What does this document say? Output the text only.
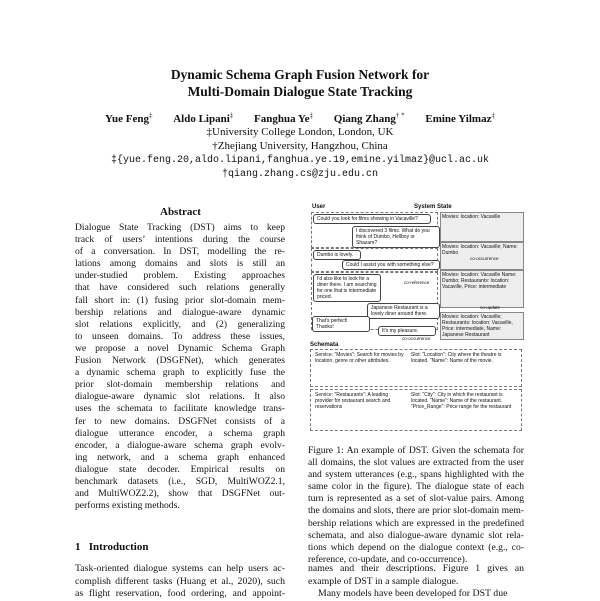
Dynamic Schema Graph Fusion Network for
Multi-Domain Dialogue State Tracking
Yue Feng‡ Aldo Lipani‡ Fanghua Ye‡ Qiang Zhang† * Emine Yilmaz‡
‡University College London, London, UK
†Zhejiang University, Hangzhou, China
‡{yue.feng.20,aldo.lipani,fanghua.ye.19,emine.yilmaz}@ucl.ac.uk
†qiang.zhang.cs@zju.edu.cn
Abstract
Dialogue State Tracking (DST) aims to keep
track of users’ intentions during the course
of a conversation. In DST, modelling the re-
lations among domains and slots is still an
under-studied problem. Existing approaches
that have considered such relations generally
fall short in: (1) fusing prior slot-domain mem-
bership relations and dialogue-aware dynamic
slot relations explicitly, and (2) generalizing
to unseen domains. To address these issues,
we propose a novel Dynamic Schema Graph
Fusion Network (DSGFNet), which generates
a dynamic schema graph to explicitly fuse the
prior slot-domain membership relations and
dialogue-aware dynamic slot relations. It also
uses the schemata to facilitate knowledge trans-
fer to new domains. DSGFNet consists of a
dialogue utterance encoder, a schema graph
encoder, a dialogue-aware schema graph evolv-
ing network, and a schema graph enhanced
dialogue state decoder. Empirical results on
benchmark datasets (i.e., SGD, MultiWOZ2.1,
and MultiWOZ2.2), show that DSGFNet out-
performs existing methods.
1 Introduction
Task-oriented dialogue systems can help users ac-
complish different tasks (Huang et al., 2020), such
as flight reservation, food ordering, and appoint-
User	System State
Could you look for films showing in Vacaville?
I discovered 3 films. What do you think of Dumbo, Hellboy or Shazam?
Movies: location: Vacaville
Dumbo is lovely.
Could I assist you with something else?
Movies: location: Vacaville; Name: Dumbo
co-occurrence
I'd also like to look for a diner there. I am searching for one that is intermediate priced.
Japanese Restaurant is a lovely diner around there.
Movies: location: Vacaville Name: Dumbo; Restaurants: location: Vacaville, Price: intermediate
co-reference
co-update
That's perfect! Thanks!
It's my pleasure.
Movies: location: Vacaville; Restaurants: location: Vacaville, Price: intermediate, Name: Japanese Restaurant
co-occurrence
Schemata
Service: "Movies": Search for movies by location, genre or other attributes.
Slot: "Location": City where the theatre is located. "Name": Name of the movie.
Service: "Restaurants": A leading provider for restaurant search and reservations
Slot: "City": City in which the restaurant is located. "Name": Name of the restaurant. "Price_Range": Price range for the restaurant
Figure 1: An example of DST. Given the schemata for
all domains, the slot values are extracted from the user
and system utterances (e.g., spans highlighted with the
same color in the figure). The dialogue state of each
turn is represented as a set of slot-value pairs. Among
the domains and slots, there are prior slot-domain mem-
bership relations which are expressed in the predefined
schemata, and also dialogue-aware dynamic slot rela-
tions which depend on the dialogue context (e.g., co-
reference, co-update, and co-occurrence).
names and their descriptions. Figure 1 gives an
example of DST in a sample dialogue.
Many models have been developed for DST due
